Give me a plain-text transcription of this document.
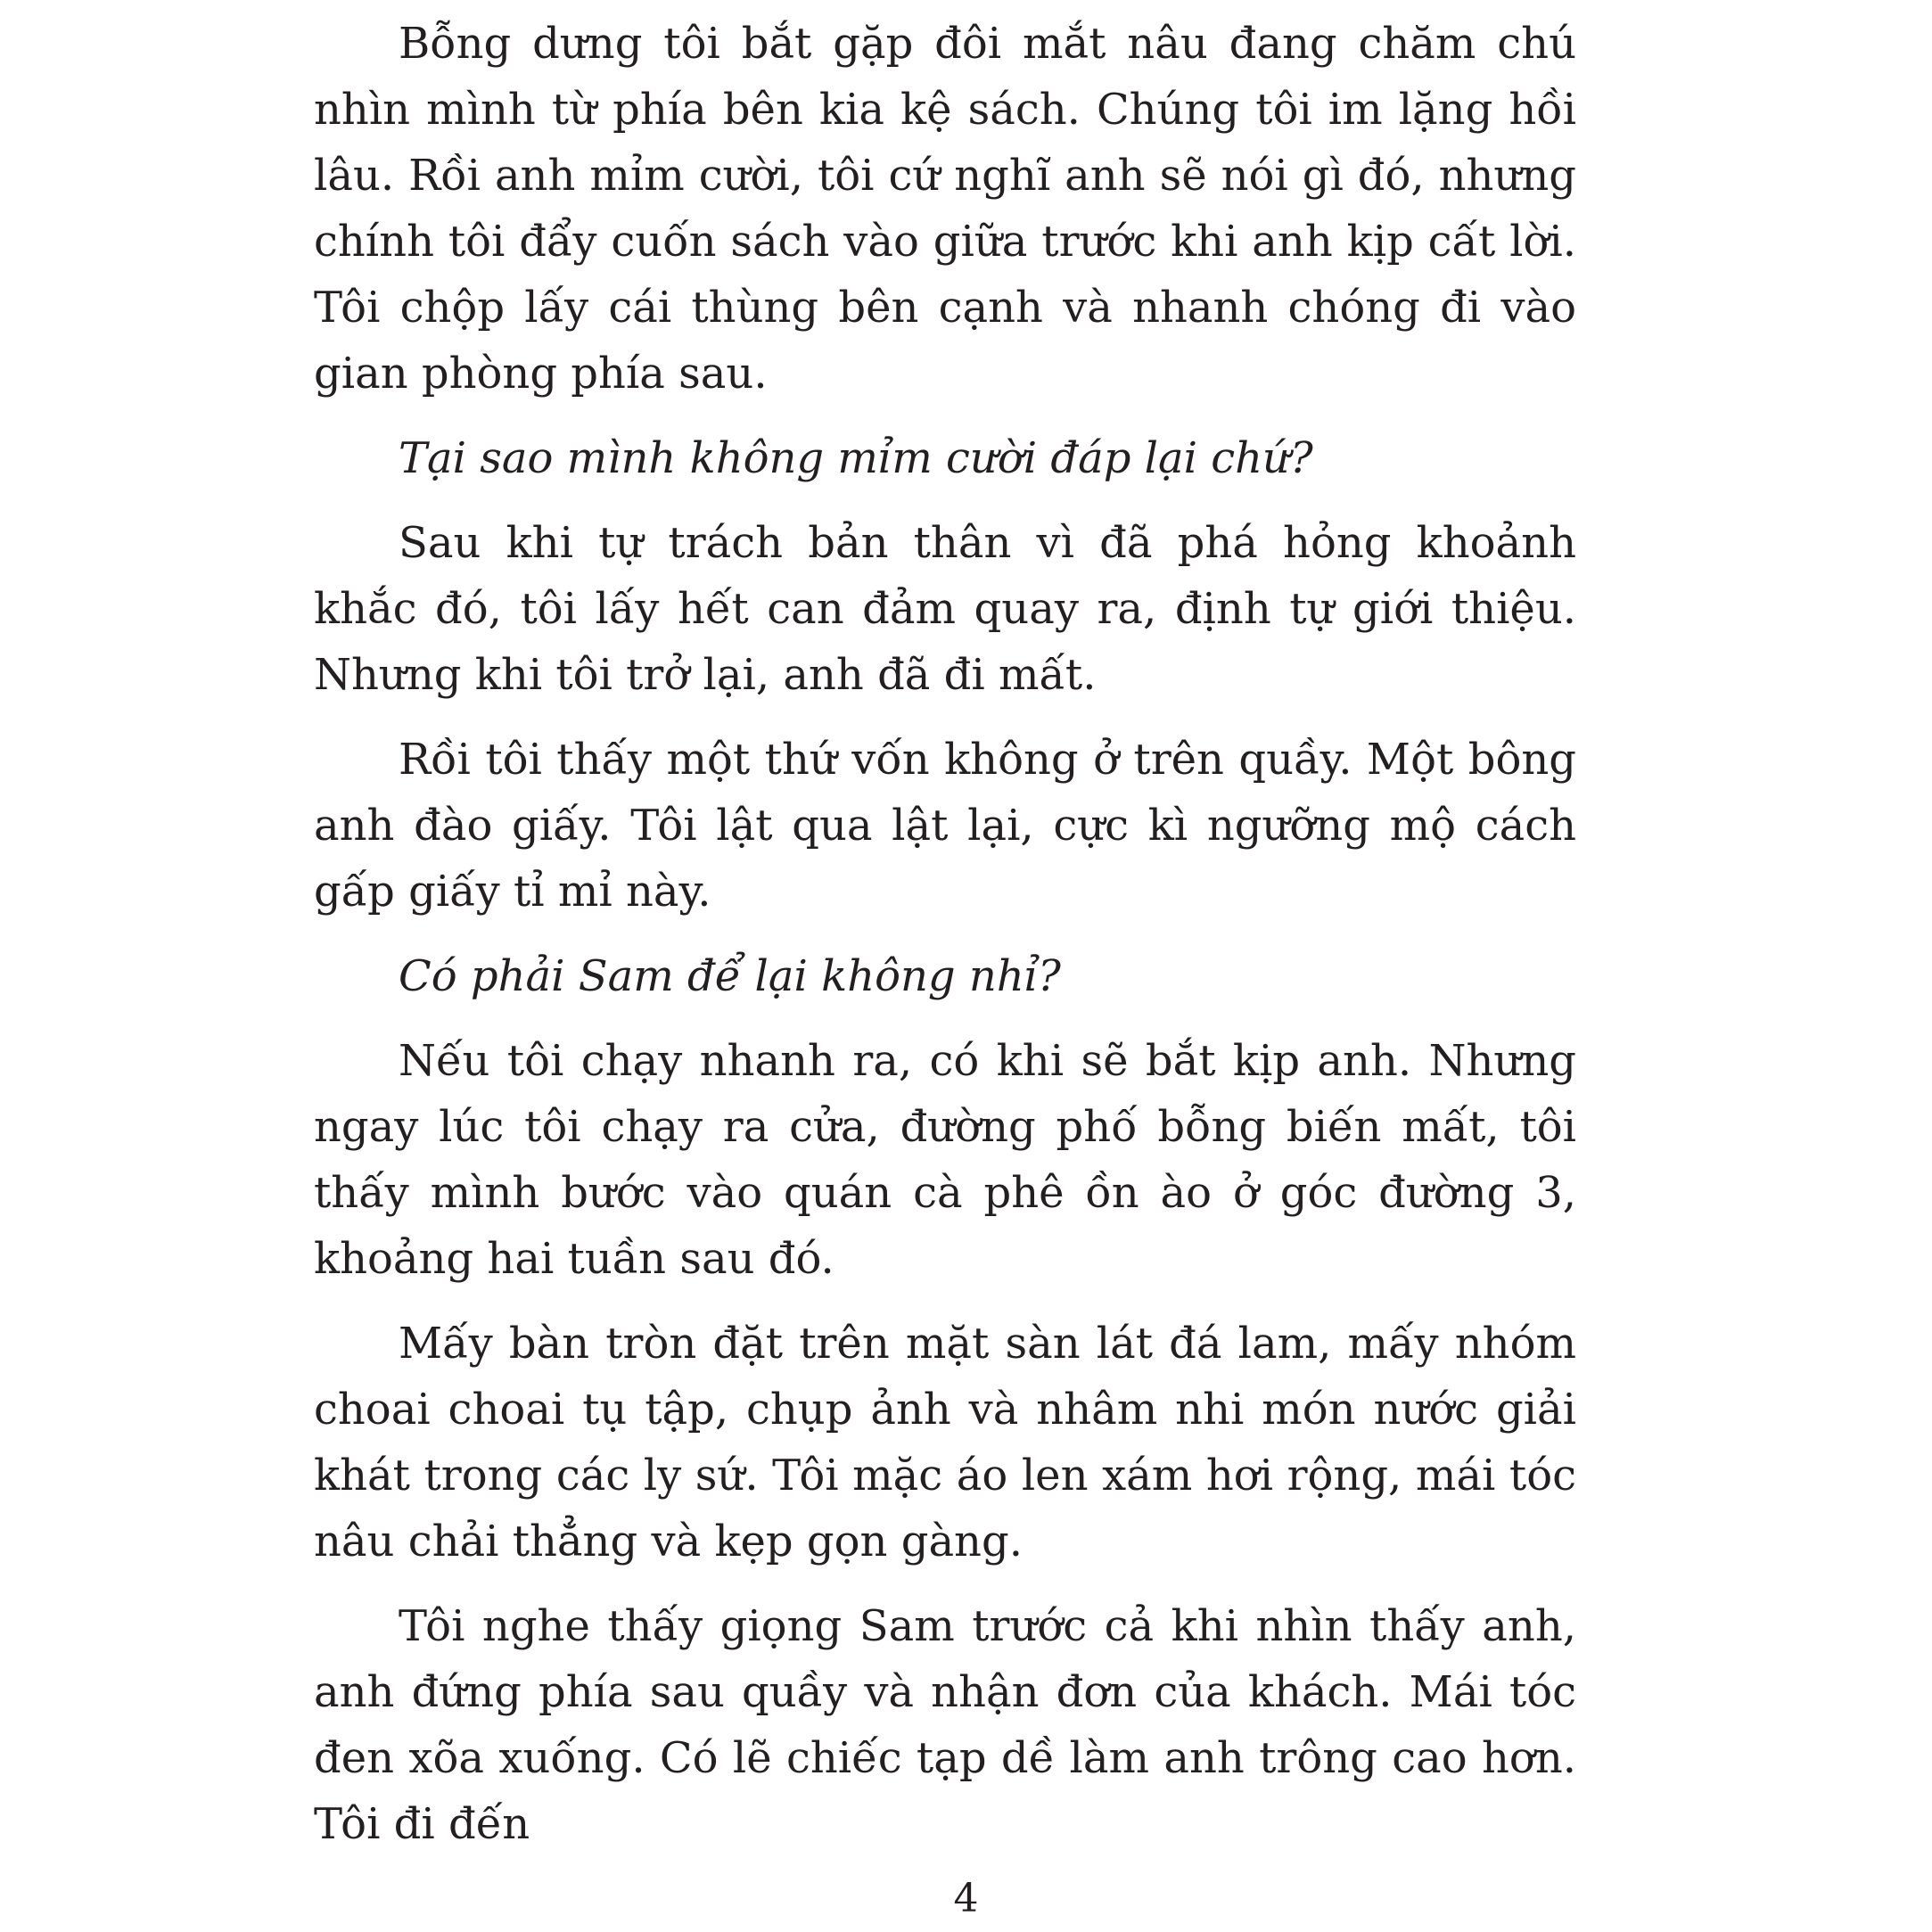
Bỗng dưng tôi bắt gặp đôi mắt nâu đang chăm chú nhìn mình từ phía bên kia kệ sách. Chúng tôi im lặng hồi lâu. Rồi anh mỉm cười, tôi cứ nghĩ anh sẽ nói gì đó, nhưng chính tôi đẩy cuốn sách vào giữa trước khi anh kịp cất lời. Tôi chộp lấy cái thùng bên cạnh và nhanh chóng đi vào gian phòng phía sau.

Tại sao mình không mỉm cười đáp lại chứ?

Sau khi tự trách bản thân vì đã phá hỏng khoảnh khắc đó, tôi lấy hết can đảm quay ra, định tự giới thiệu. Nhưng khi tôi trở lại, anh đã đi mất.

Rồi tôi thấy một thứ vốn không ở trên quầy. Một bông anh đào giấy. Tôi lật qua lật lại, cực kì ngưỡng mộ cách gấp giấy tỉ mỉ này.

Có phải Sam để lại không nhỉ?

Nếu tôi chạy nhanh ra, có khi sẽ bắt kịp anh. Nhưng ngay lúc tôi chạy ra cửa, đường phố bỗng biến mất, tôi thấy mình bước vào quán cà phê ồn ào ở góc đường 3, khoảng hai tuần sau đó.

Mấy bàn tròn đặt trên mặt sàn lát đá lam, mấy nhóm choai choai tụ tập, chụp ảnh và nhâm nhi món nước giải khát trong các ly sứ. Tôi mặc áo len xám hơi rộng, mái tóc nâu chải thẳng và kẹp gọn gàng.

Tôi nghe thấy giọng Sam trước cả khi nhìn thấy anh, anh đứng phía sau quầy và nhận đơn của khách. Mái tóc đen xõa xuống. Có lẽ chiếc tạp dề làm anh trông cao hơn. Tôi đi đến

4
